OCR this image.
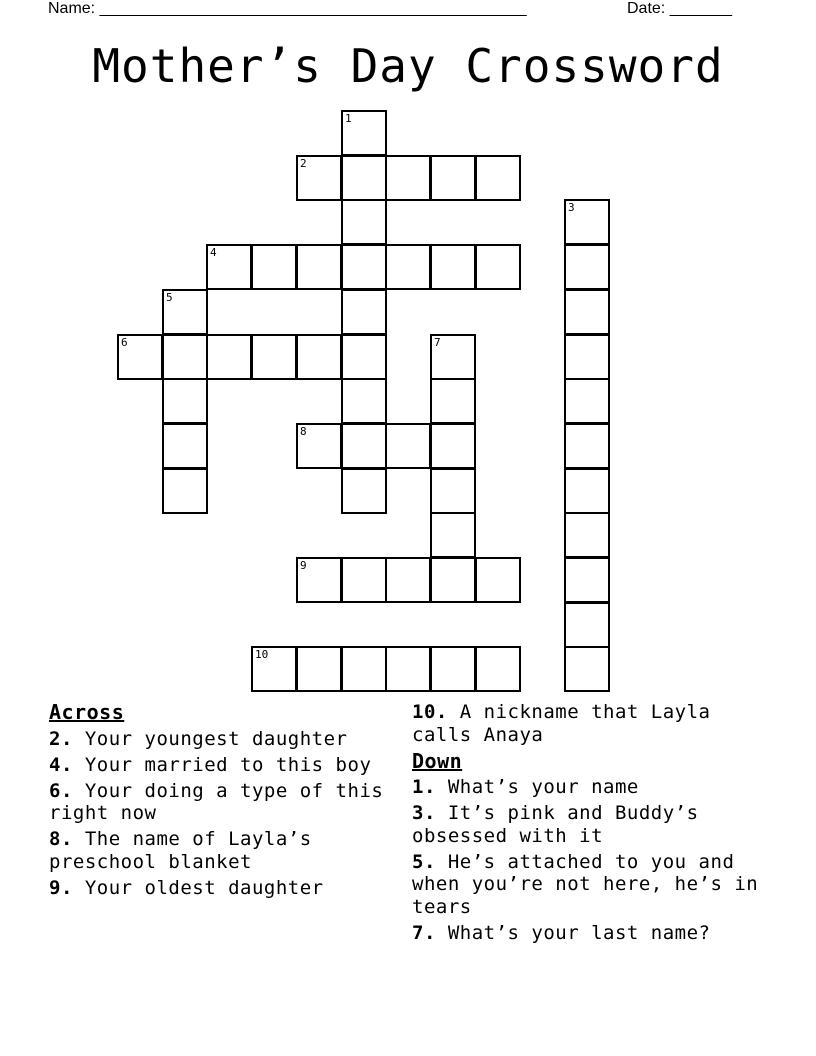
Name: ________________________________________________	Date: _______
Mother’s Day Crossword
1
2
3
4
5
6	7
8
9
10
Across
2. Your youngest daughter
4. Your married to this boy
6. Your doing a type of this right now
8. The name of Layla’s preschool blanket
9. Your oldest daughter
10. A nickname that Layla calls Anaya
Down
1. What’s your name
3. It’s pink and Buddy’s obsessed with it
5. He’s attached to you and when you’re not here, he’s in tears
7. What’s your last name?
